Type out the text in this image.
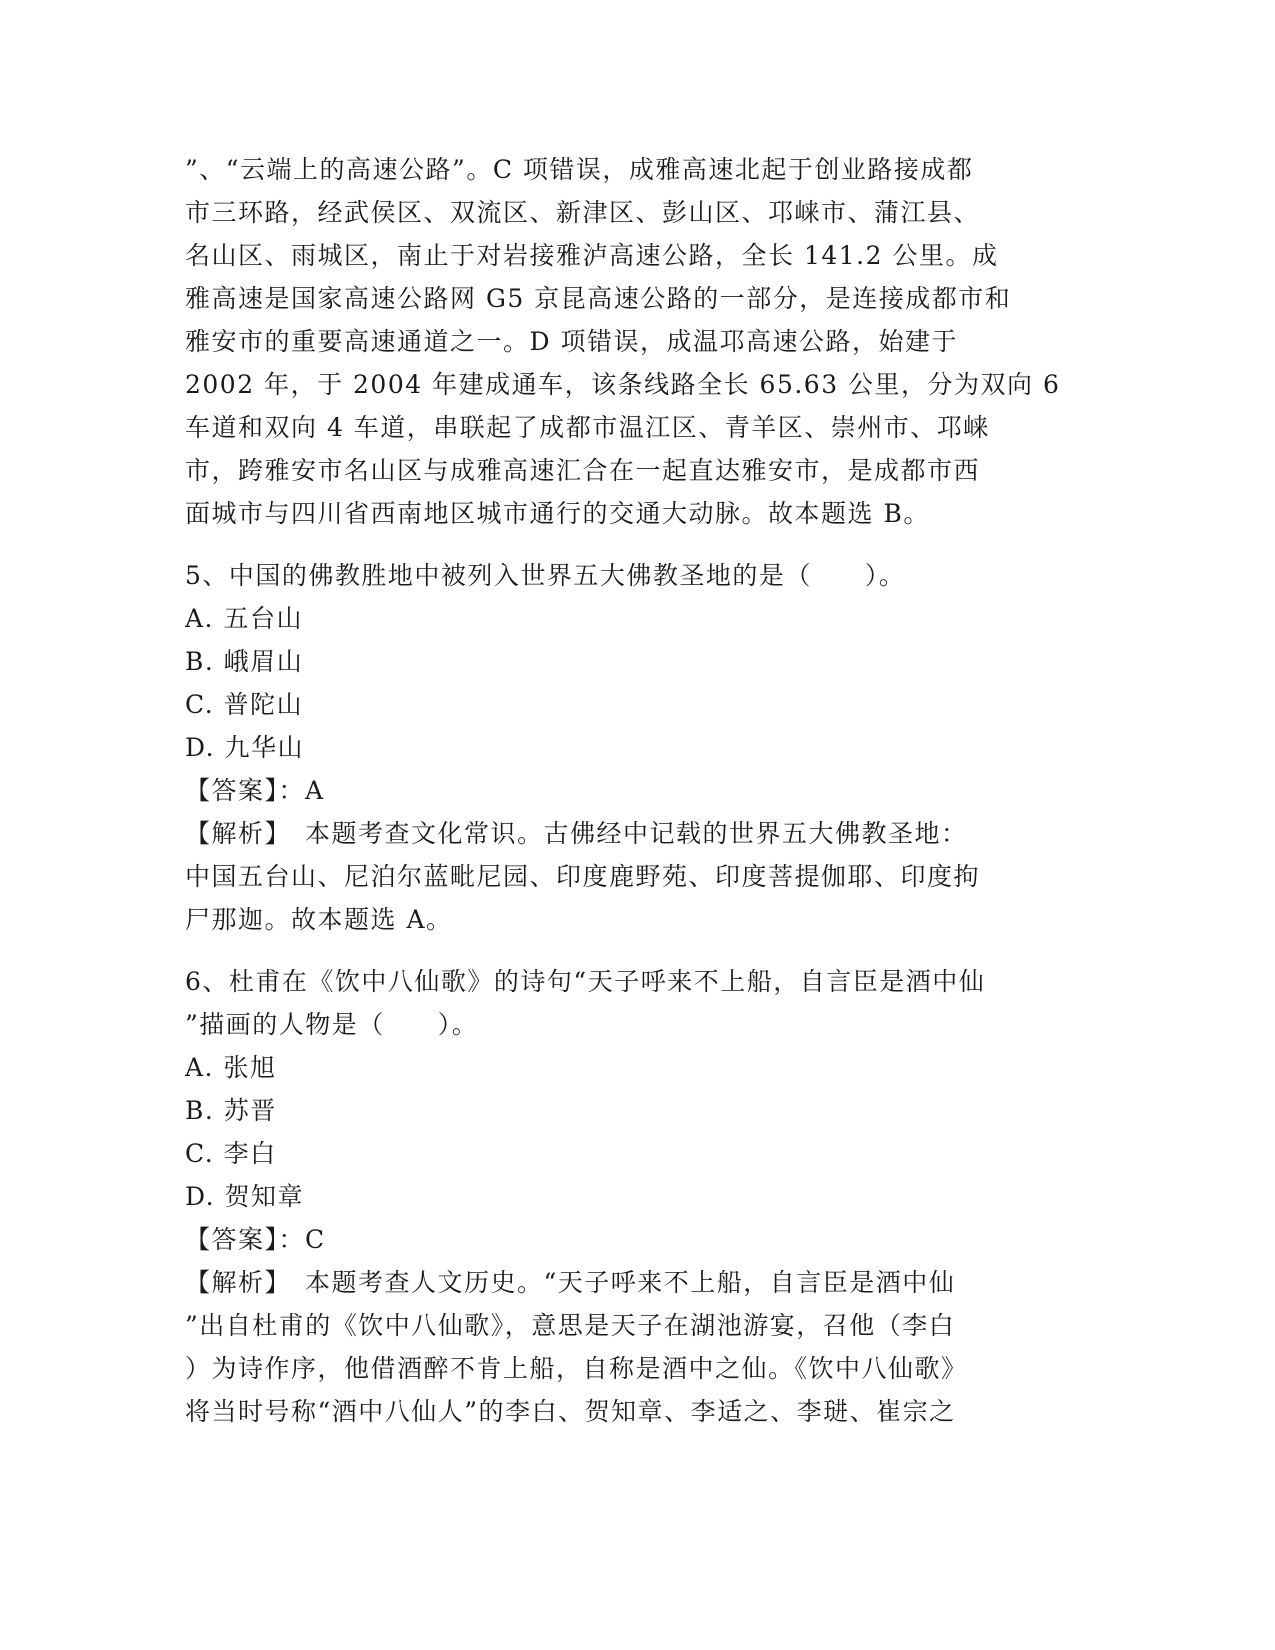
”、“云端上的高速公路”。C 项错误，成雅高速北起于创业路接成都
市三环路，经武侯区、双流区、新津区、彭山区、邛崃市、蒲江县、
名山区、雨城区，南止于对岩接雅泸高速公路，全长 141.2 公里。成
雅高速是国家高速公路网 G5 京昆高速公路的一部分，是连接成都市和
雅安市的重要高速通道之一。D 项错误，成温邛高速公路，始建于
2002 年，于 2004 年建成通车，该条线路全长 65.63 公里，分为双向 6
车道和双向 4 车道，串联起了成都市温江区、青羊区、崇州市、邛崃
市，跨雅安市名山区与成雅高速汇合在一起直达雅安市，是成都市西
面城市与四川省西南地区城市通行的交通大动脉。故本题选 B。
5、中国的佛教胜地中被列入世界五大佛教圣地的是（　　）。
A. 五台山
B. 峨眉山
C. 普陀山
D. 九华山
【答案】：A
【解析】　本题考查文化常识。古佛经中记载的世界五大佛教圣地：
中国五台山、尼泊尔蓝毗尼园、印度鹿野苑、印度菩提伽耶、印度拘
尸那迦。故本题选 A。
6、杜甫在《饮中八仙歌》的诗句“天子呼来不上船，自言臣是酒中仙
”描画的人物是（　　）。
A. 张旭
B. 苏晋
C. 李白
D. 贺知章
【答案】：C
【解析】　本题考查人文历史。“天子呼来不上船，自言臣是酒中仙
”出自杜甫的《饮中八仙歌》，意思是天子在湖池游宴，召他（李白
）为诗作序，他借酒醉不肯上船，自称是酒中之仙。《饮中八仙歌》
将当时号称“酒中八仙人”的李白、贺知章、李适之、李琎、崔宗之
